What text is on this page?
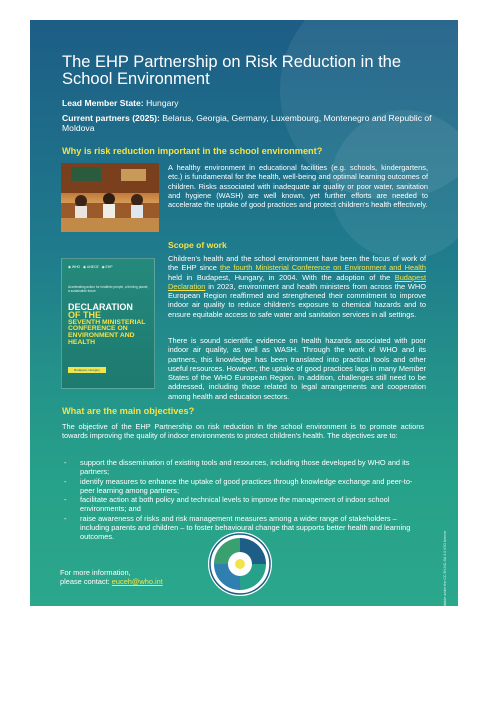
The EHP Partnership on Risk Reduction in the School Environment
Lead Member State: Hungary
Current partners (2025): Belarus, Georgia, Germany, Luxembourg, Montenegro and Republic of Moldova
Why is risk reduction important in the school environment?
A healthy environment in educational facilities (e.g. schools, kindergartens, etc.) is fundamental for the health, well-being and optimal learning outcomes of children. Risks associated with inadequate air quality or poor water, sanitation and hygiene (WASH) are well known, yet further efforts are needed to accelerate the uptake of good practices and protect children's health effectively.
Scope of work
◉ WHO   ◉ UNECE   ◉ EHP
Accelerating action for healthier people, a thriving planet, a sustainable future
DECLARATION
OF THE
SEVENTH MINISTERIAL CONFERENCE ON ENVIRONMENT AND HEALTH
Budapest, Hungary
Children's health and the school environment have been the focus of work of the EHP since the fourth Ministerial Conference on Environment and Health held in Budapest, Hungary, in 2004. With the adoption of the Budapest Declaration in 2023, environment and health ministers from across the WHO European Region reaffirmed and strengthened their commitment to improve indoor air quality to reduce children's exposure to chemical hazards and to ensure equitable access to safe water and sanitation services in all settings.
There is sound scientific evidence on health hazards associated with poor indoor air quality, as well as WASH. Through the work of WHO and its partners, this knowledge has been translated into practical tools and other useful resources. However, the uptake of good practices lags in many Member States of the WHO European Region. In addition, challenges still need to be addressed, including those related to legal arrangements and cooperation among health and education sectors.
What are the main objectives?
The objective of the EHP Partnership on risk reduction in the school environment is to promote actions towards improving the quality of indoor environments to protect children's health. The objectives are to:
- support the dissemination of existing tools and resources, including those developed by WHO and its partners;
- identify measures to enhance the uptake of good practices through knowledge exchange and peer-to-peer learning among partners;
- facilitate action at both policy and technical levels to improve the management of indoor school environments; and
- raise awareness of risks and risk management measures among a wider range of stakeholders – including parents and children – to foster behavioural change that supports better health and learning outcomes.
For more information,
please contact: euceh@who.int	© World Health Organization 2025. Some rights reserved. This work is available under the CC BY-NC-SA 3.0 IGO licence.
